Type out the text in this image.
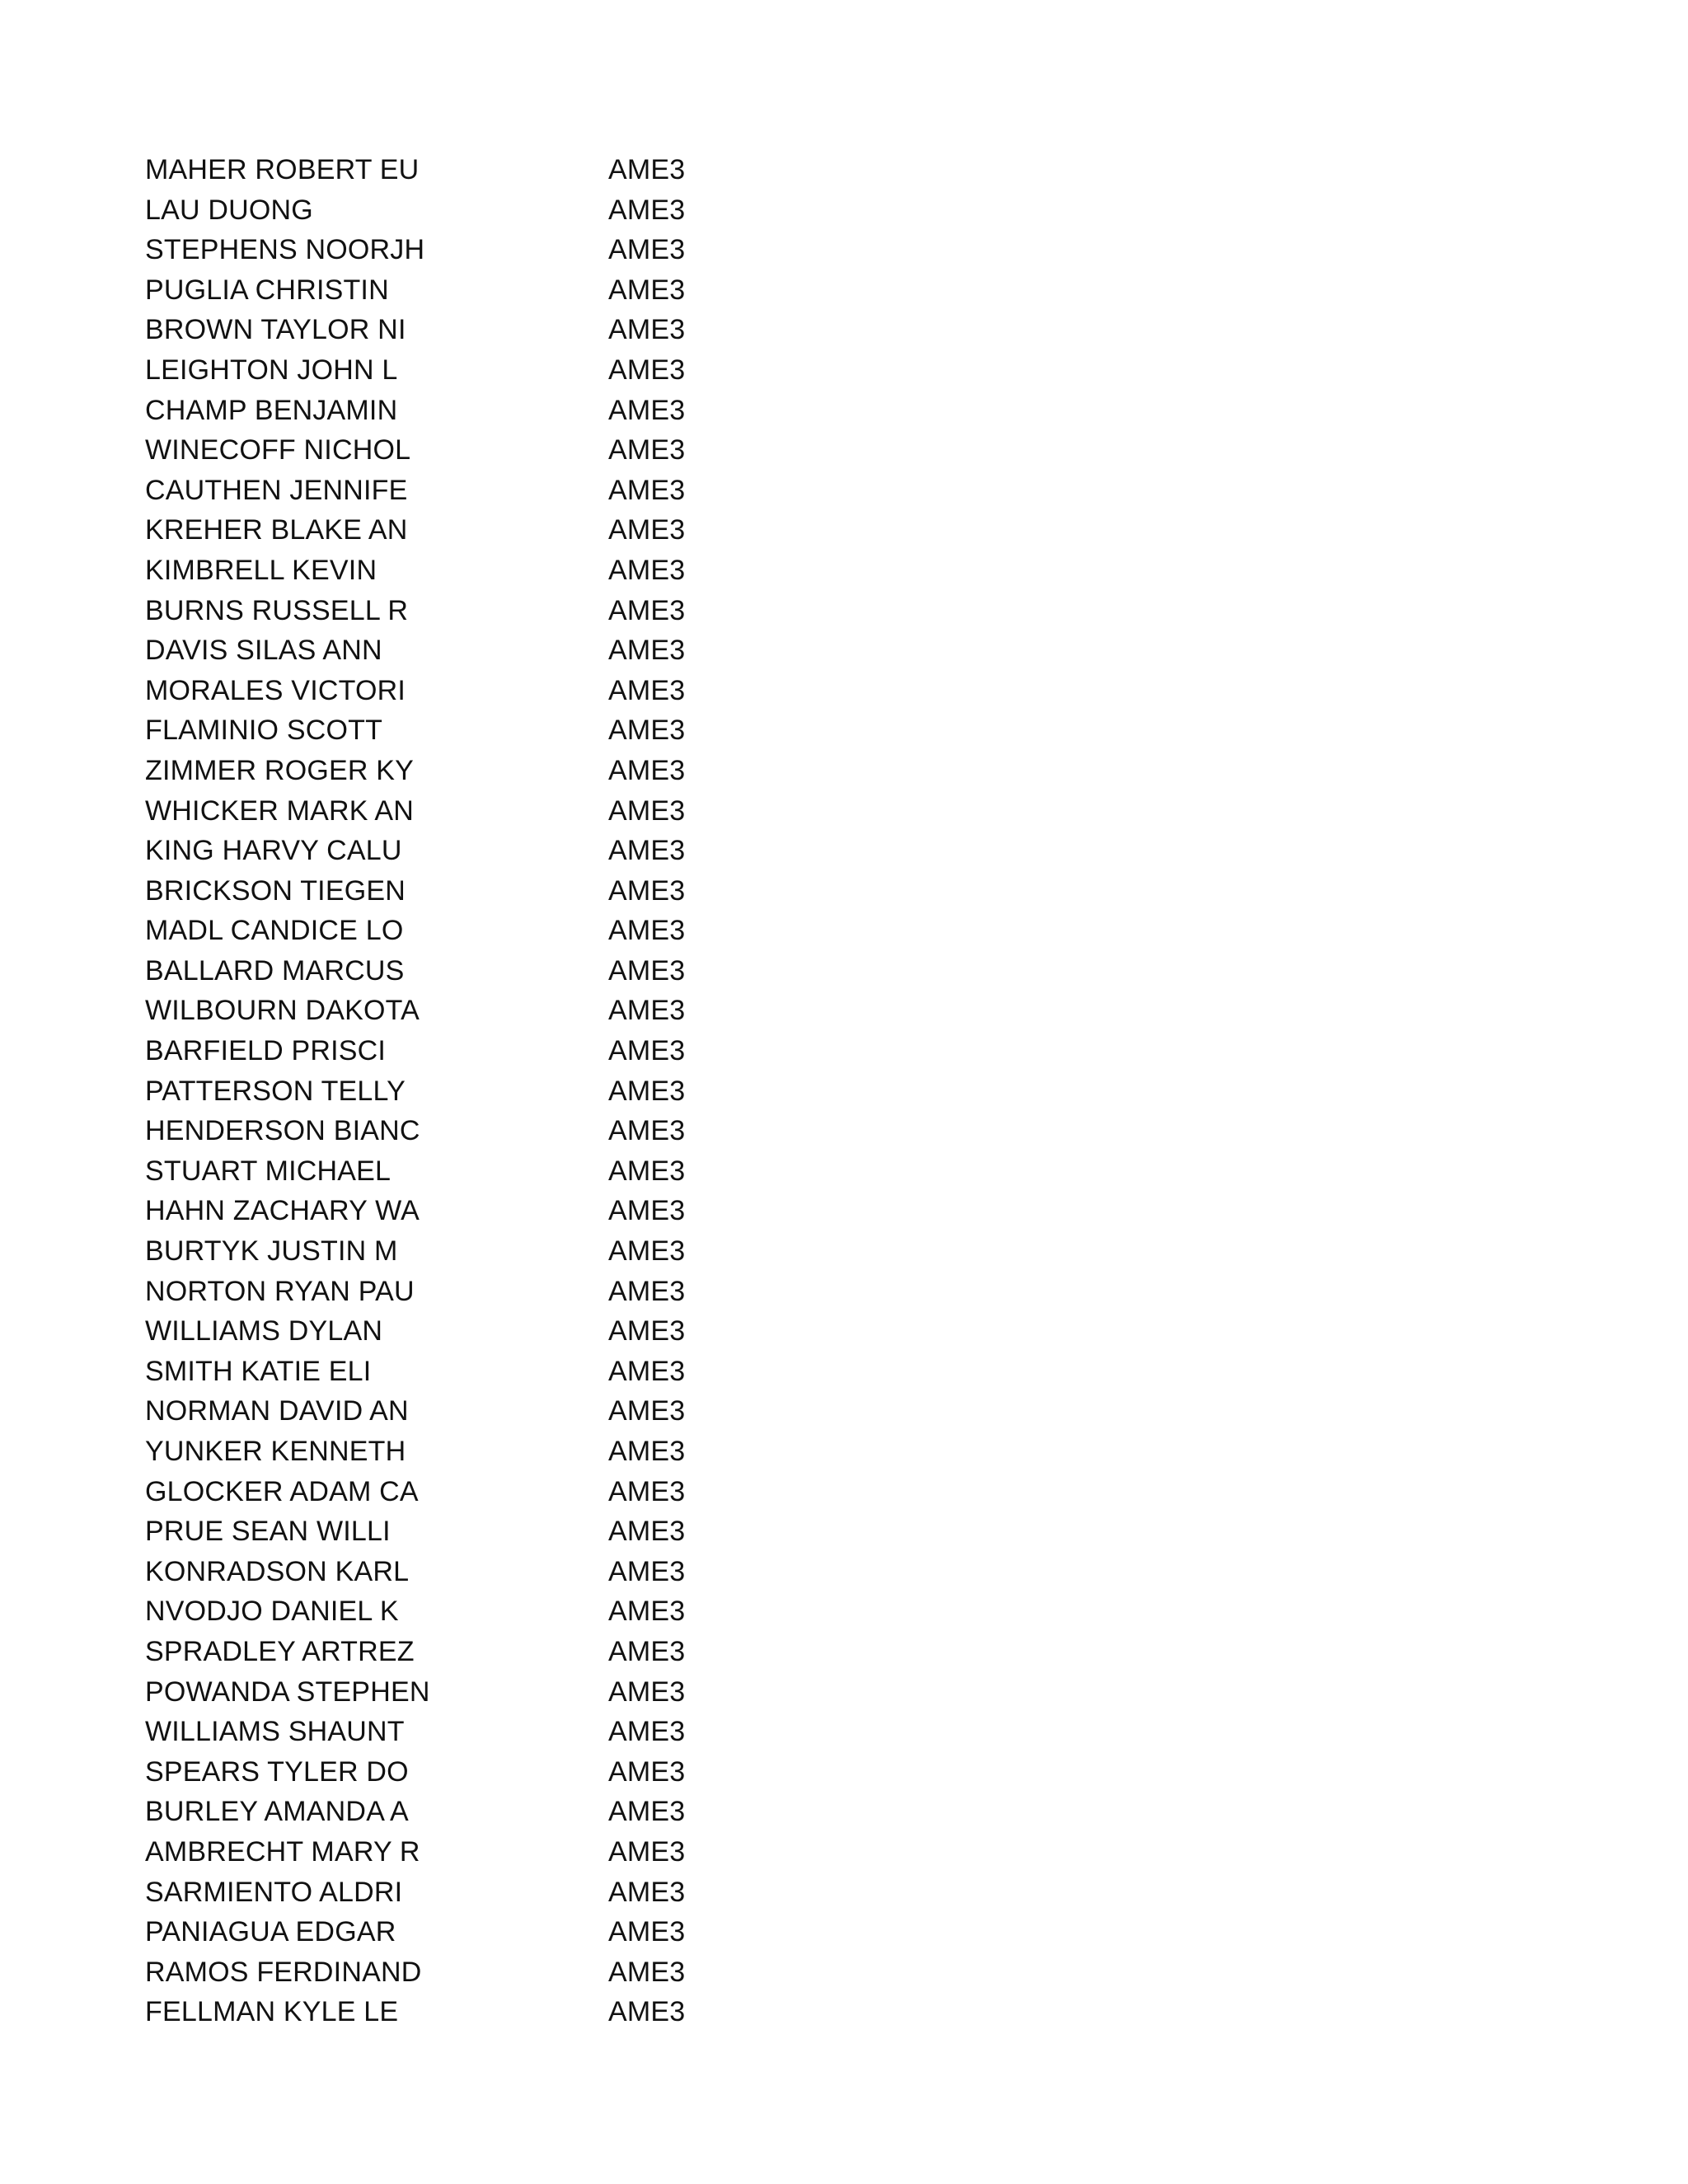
MAHER ROBERT EU	AME3
LAU DUONG	AME3
STEPHENS NOORJH	AME3
PUGLIA CHRISTIN	AME3
BROWN TAYLOR NI	AME3
LEIGHTON JOHN L	AME3
CHAMP BENJAMIN	AME3
WINECOFF NICHOL	AME3
CAUTHEN JENNIFE	AME3
KREHER BLAKE AN	AME3
KIMBRELL KEVIN	AME3
BURNS RUSSELL R	AME3
DAVIS SILAS ANN	AME3
MORALES VICTORI	AME3
FLAMINIO SCOTT	AME3
ZIMMER ROGER KY	AME3
WHICKER MARK AN	AME3
KING HARVY CALU	AME3
BRICKSON TIEGEN	AME3
MADL CANDICE LO	AME3
BALLARD MARCUS	AME3
WILBOURN DAKOTA	AME3
BARFIELD PRISCI	AME3
PATTERSON TELLY	AME3
HENDERSON BIANC	AME3
STUART MICHAEL	AME3
HAHN ZACHARY WA	AME3
BURTYK JUSTIN M	AME3
NORTON RYAN PAU	AME3
WILLIAMS DYLAN	AME3
SMITH KATIE ELI	AME3
NORMAN DAVID AN	AME3
YUNKER KENNETH	AME3
GLOCKER ADAM CA	AME3
PRUE SEAN WILLI	AME3
KONRADSON KARL	AME3
NVODJO DANIEL K	AME3
SPRADLEY ARTREZ	AME3
POWANDA STEPHEN	AME3
WILLIAMS SHAUNT	AME3
SPEARS TYLER DO	AME3
BURLEY AMANDA A	AME3
AMBRECHT MARY R	AME3
SARMIENTO ALDRI	AME3
PANIAGUA EDGAR	AME3
RAMOS FERDINAND	AME3
FELLMAN KYLE LE	AME3
